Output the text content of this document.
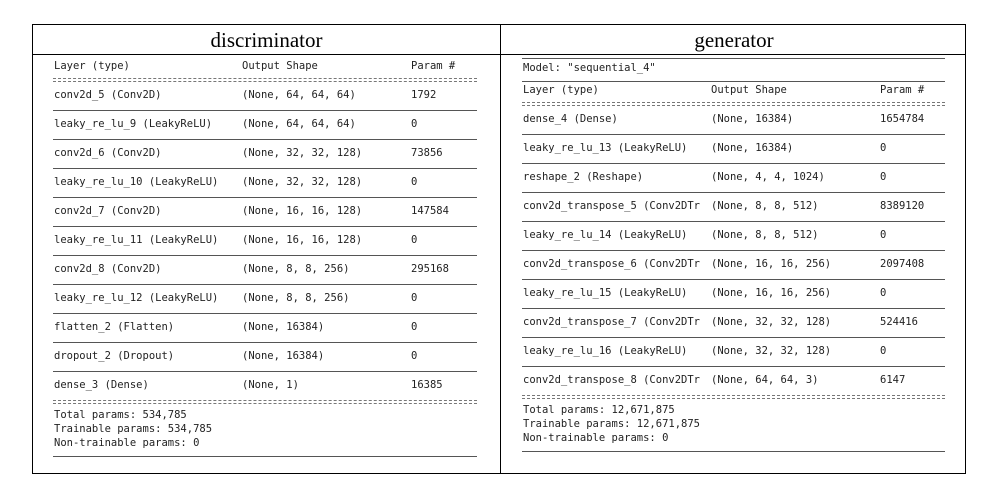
discriminator	generator
Layer (type)	Output Shape	Param #
conv2d_5 (Conv2D)	(None, 64, 64, 64)	1792
leaky_re_lu_9 (LeakyReLU)	(None, 64, 64, 64)	0
conv2d_6 (Conv2D)	(None, 32, 32, 128)	73856
leaky_re_lu_10 (LeakyReLU) (None, 32, 32, 128)	0
conv2d_7 (Conv2D)	(None, 16, 16, 128)	147584
leaky_re_lu_11 (LeakyReLU) (None, 16, 16, 128)	0
conv2d_8 (Conv2D)	(None, 8, 8, 256)	295168
leaky_re_lu_12 (LeakyReLU) (None, 8, 8, 256)	0
flatten_2 (Flatten)	(None, 16384)	0
dropout_2 (Dropout)	(None, 16384)	0
dense_3 (Dense)	(None, 1)	16385
Total params: 534,785
Trainable params: 534,785
Non-trainable params: 0
Model: "sequential_4"
Layer (type)	Output Shape	Param #
dense_4 (Dense)	(None, 16384)	1654784
leaky_re_lu_13 (LeakyReLU) (None, 16384)	0
reshape_2 (Reshape)	(None, 4, 4, 1024)	0
conv2d_transpose_5 (Conv2DTr (None, 8, 8, 512)	8389120
leaky_re_lu_14 (LeakyReLU) (None, 8, 8, 512)	0
conv2d_transpose_6 (Conv2DTr (None, 16, 16, 256)	2097408
leaky_re_lu_15 (LeakyReLU) (None, 16, 16, 256)	0
conv2d_transpose_7 (Conv2DTr (None, 32, 32, 128)	524416
leaky_re_lu_16 (LeakyReLU) (None, 32, 32, 128)	0
conv2d_transpose_8 (Conv2DTr (None, 64, 64, 3)	6147
Total params: 12,671,875
Trainable params: 12,671,875
Non-trainable params: 0
